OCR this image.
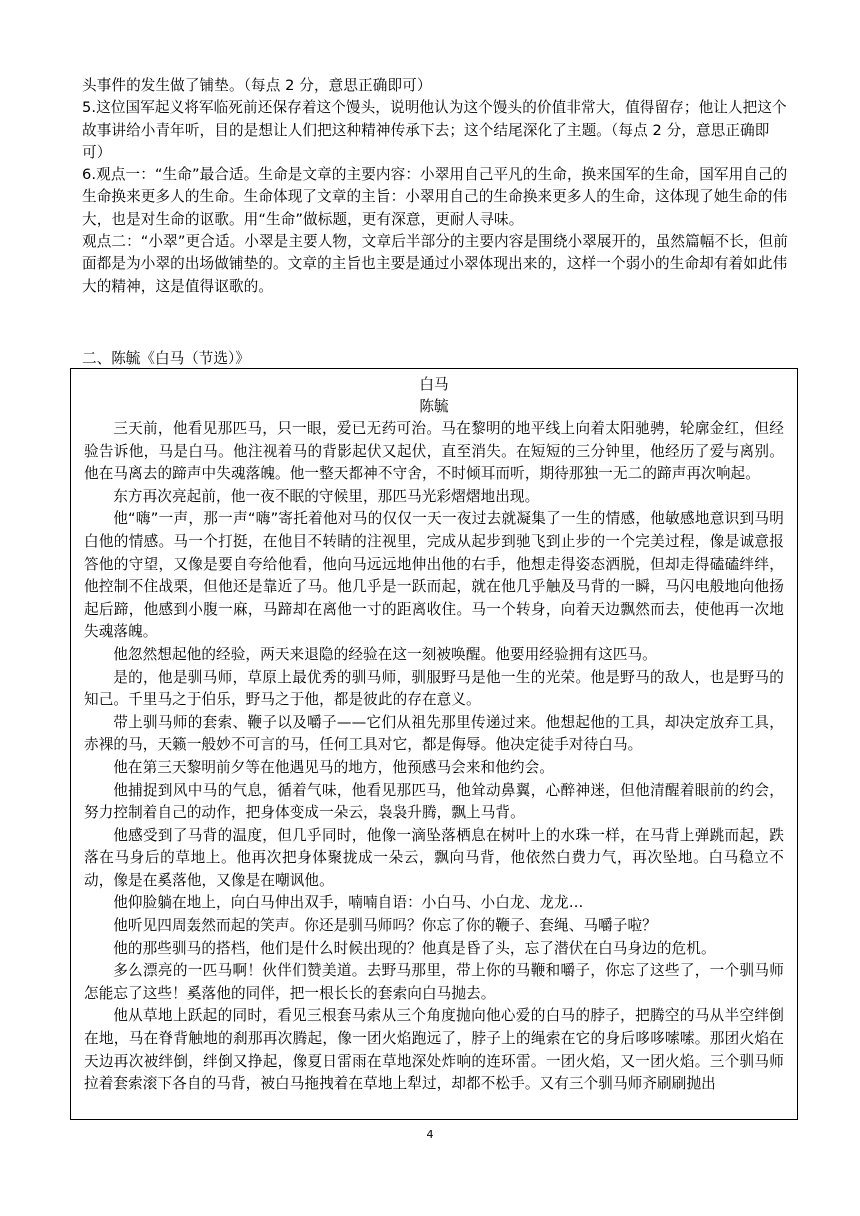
头事件的发生做了铺垫。（每点 2 分，意思正确即可）

5.这位国军起义将军临死前还保存着这个馒头，说明他认为这个馒头的价值非常大，值得留存；他让人把这个故事讲给小青年听，目的是想让人们把这种精神传承下去；这个结尾深化了主题。（每点 2 分，意思正确即可）

6.观点一：“生命”最合适。生命是文章的主要内容：小翠用自己平凡的生命，换来国军的生命，国军用自己的生命换来更多人的生命。生命体现了文章的主旨：小翠用自己的生命换来更多人的生命，这体现了她生命的伟大，也是对生命的讴歌。用“生命”做标题，更有深意，更耐人寻味。

观点二：“小翠”更合适。小翠是主要人物，文章后半部分的主要内容是围绕小翠展开的，虽然篇幅不长，但前面都是为小翠的出场做铺垫的。文章的主旨也主要是通过小翠体现出来的，这样一个弱小的生命却有着如此伟大的精神，这是值得讴歌的。

二、陈毓《白马（节选）》

白马
陈毓

三天前，他看见那匹马，只一眼，爱已无药可治。马在黎明的地平线上向着太阳驰骋，轮廓金红，但经验告诉他，马是白马。他注视着马的背影起伏又起伏，直至消失。在短短的三分钟里，他经历了爱与离别。他在马离去的蹄声中失魂落魄。他一整天都神不守舍，不时倾耳而听，期待那独一无二的蹄声再次响起。

东方再次亮起前，他一夜不眠的守候里，那匹马光彩熠熠地出现。

他“嗨”一声，那一声“嗨”寄托着他对马的仅仅一天一夜过去就凝集了一生的情感，他敏感地意识到马明白他的情感。马一个打挺，在他目不转睛的注视里，完成从起步到驰飞到止步的一个完美过程，像是诚意报答他的守望，又像是要自夸给他看，他向马远远地伸出他的右手，他想走得姿态洒脱，但却走得磕磕绊绊，他控制不住战栗，但他还是靠近了马。他几乎是一跃而起，就在他几乎触及马背的一瞬，马闪电般地向他扬起后蹄，他感到小腹一麻，马蹄却在离他一寸的距离收住。马一个转身，向着天边飘然而去，使他再一次地失魂落魄。

他忽然想起他的经验，两天来退隐的经验在这一刻被唤醒。他要用经验拥有这匹马。

是的，他是驯马师，草原上最优秀的驯马师，驯服野马是他一生的光荣。他是野马的敌人，也是野马的知己。千里马之于伯乐，野马之于他，都是彼此的存在意义。

带上驯马师的套索、鞭子以及嚼子——它们从祖先那里传递过来。他想起他的工具，却决定放弃工具，赤裸的马，天籁一般妙不可言的马，任何工具对它，都是侮辱。他决定徒手对待白马。

他在第三天黎明前夕等在他遇见马的地方，他预感马会来和他约会。

他捕捉到风中马的气息，循着气味，他看见那匹马，他耸动鼻翼，心醉神迷，但他清醒着眼前的约会，努力控制着自己的动作，把身体变成一朵云，袅袅升腾，飘上马背。

他感受到了马背的温度，但几乎同时，他像一滴坠落栖息在树叶上的水珠一样，在马背上弹跳而起，跌落在马身后的草地上。他再次把身体聚拢成一朵云，飘向马背，他依然白费力气，再次坠地。白马稳立不动，像是在奚落他，又像是在嘲讽他。

他仰脸躺在地上，向白马伸出双手，喃喃自语：小白马、小白龙、龙龙…

他听见四周轰然而起的笑声。你还是驯马师吗？你忘了你的鞭子、套绳、马嚼子啦？

他的那些驯马的搭档，他们是什么时候出现的？他真是昏了头，忘了潜伏在白马身边的危机。

多么漂亮的一匹马啊！伙伴们赞美道。去野马那里，带上你的马鞭和嚼子，你忘了这些了，一个驯马师怎能忘了这些！奚落他的同伴，把一根长长的套索向白马抛去。

他从草地上跃起的同时，看见三根套马索从三个角度抛向他心爱的白马的脖子，把腾空的马从半空绊倒在地，马在脊背触地的刹那再次腾起，像一团火焰跑远了，脖子上的绳索在它的身后哆哆嗦嗦。那团火焰在天边再次被绊倒，绊倒又挣起，像夏日雷雨在草地深处炸响的连环雷。一团火焰，又一团火焰。三个驯马师拉着套索滚下各自的马背，被白马拖拽着在草地上犁过，却都不松手。又有三个驯马师齐刷刷抛出

4
